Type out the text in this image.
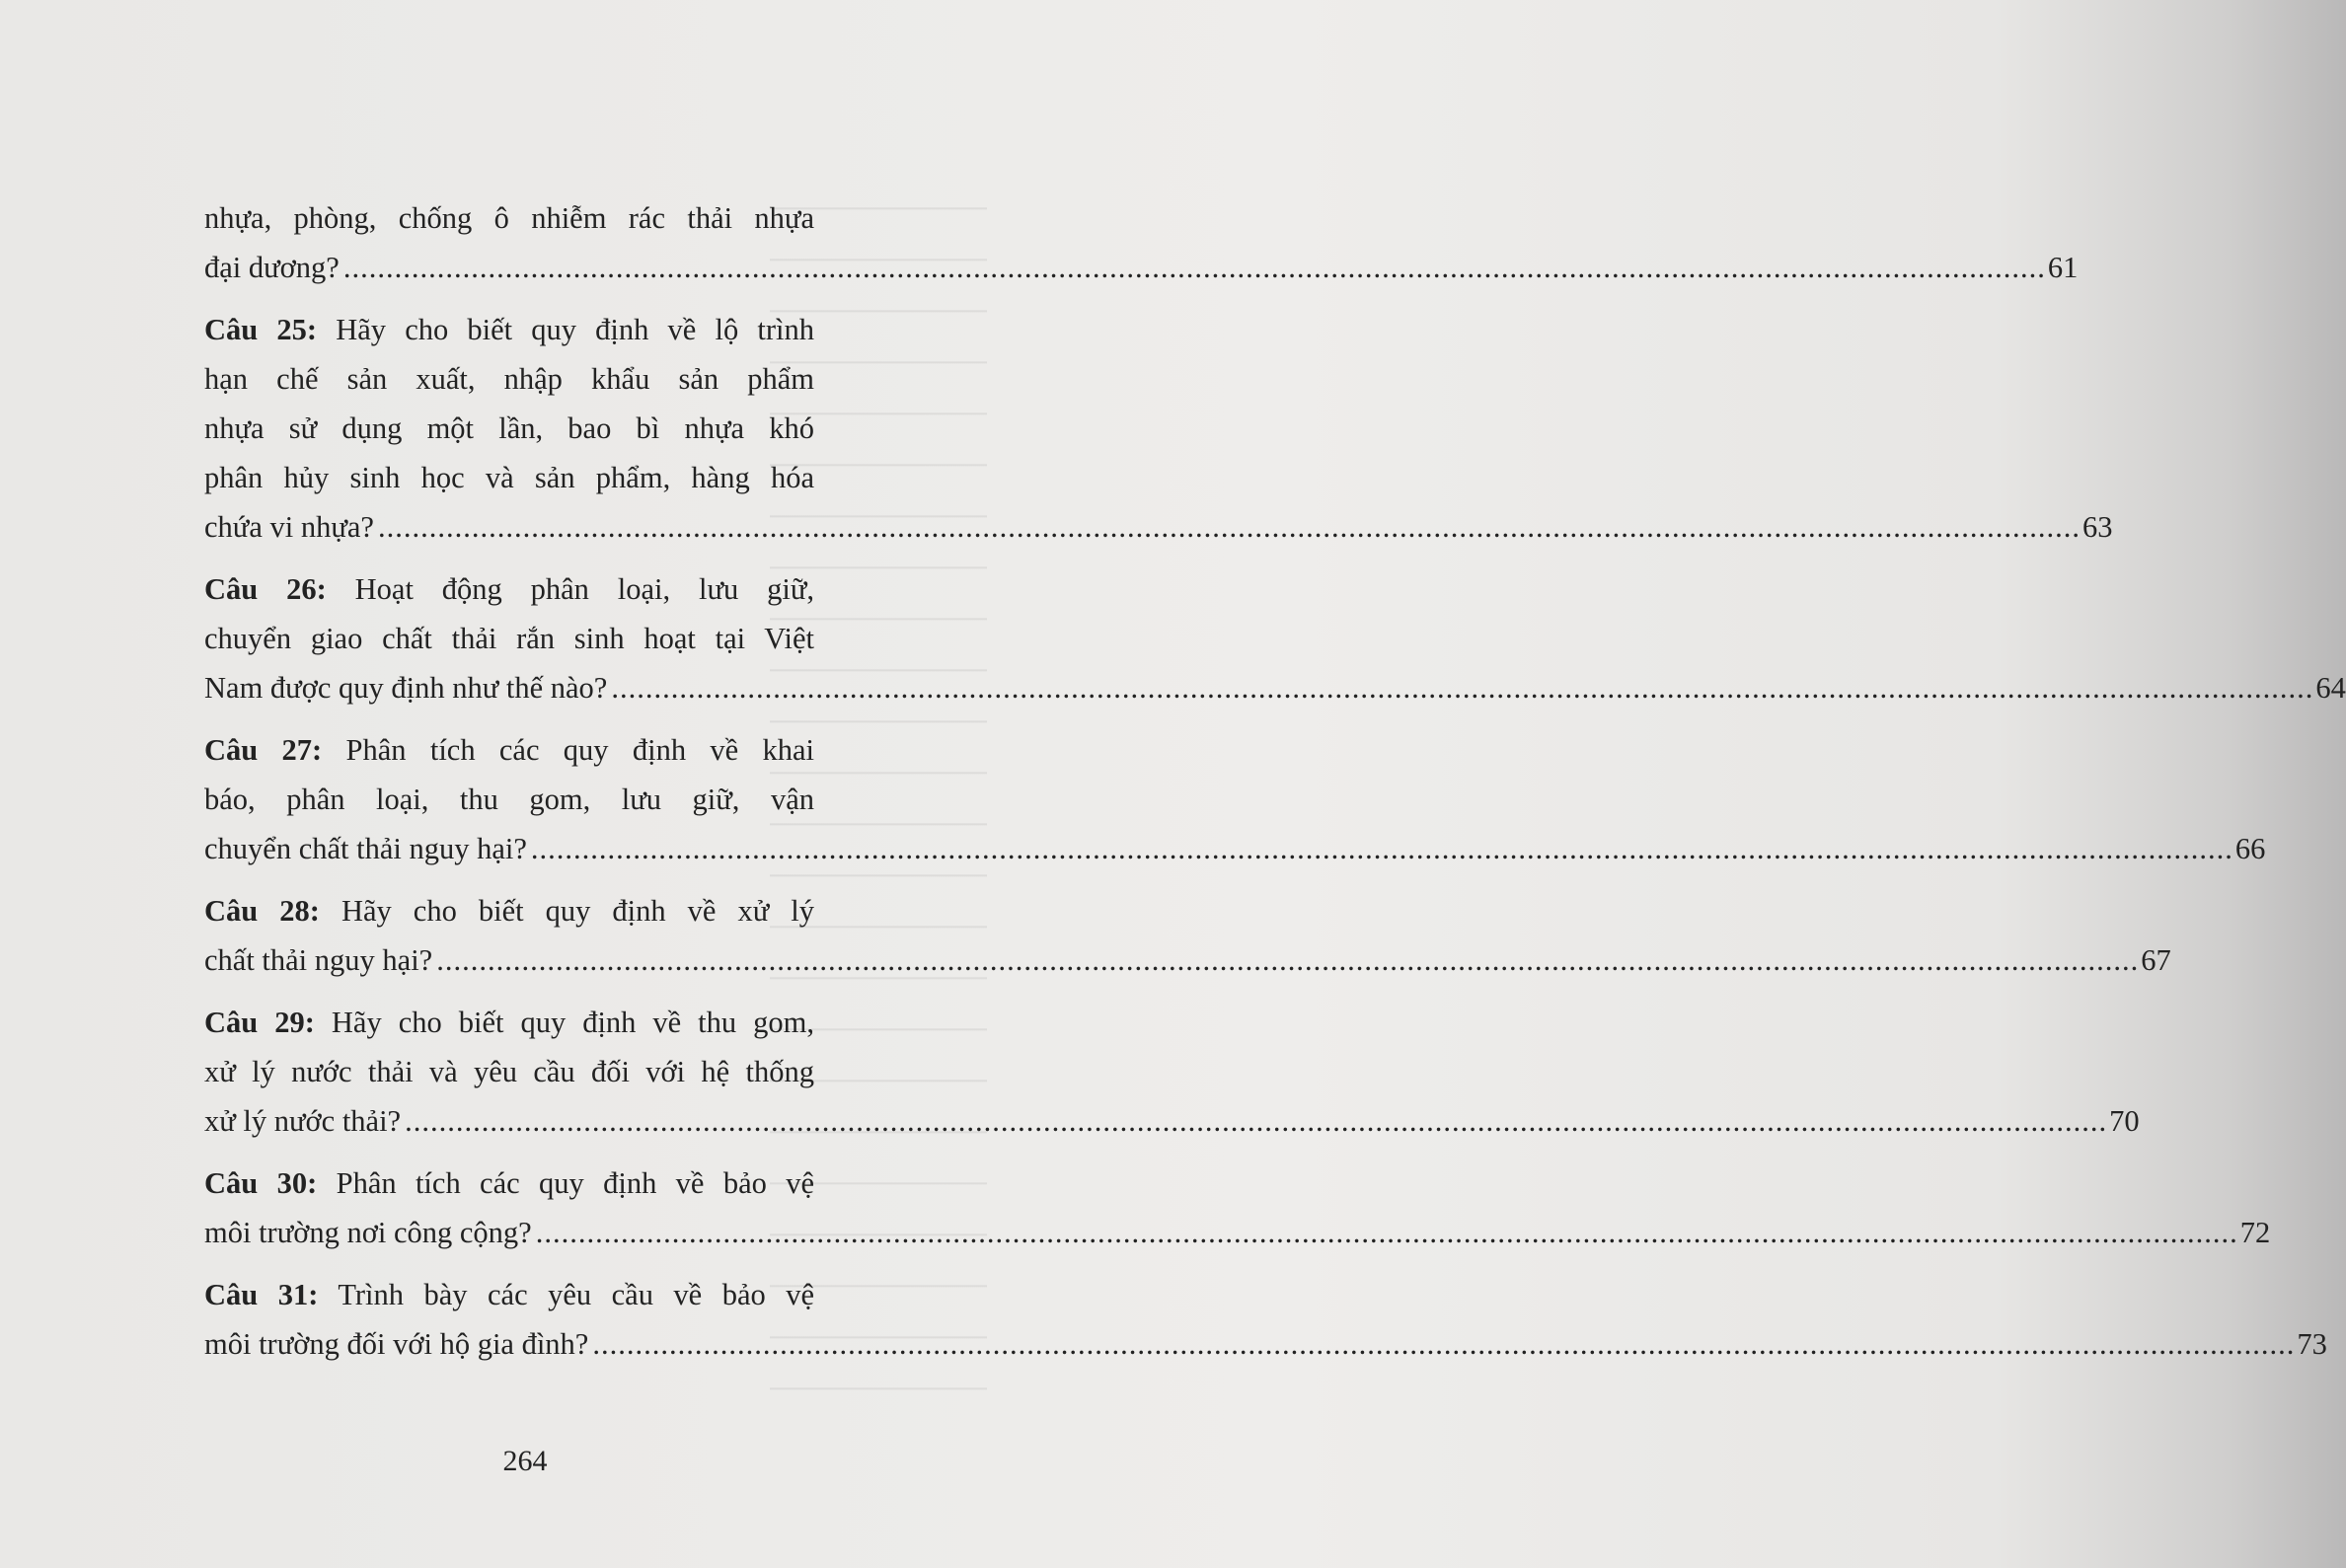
nhựa, phòng, chống ô nhiễm rác thải nhựa
đại dương? ........................................................................................................................................................................................................ 61
Câu 25: Hãy cho biết quy định về lộ trình
hạn chế sản xuất, nhập khẩu sản phẩm
nhựa sử dụng một lần, bao bì nhựa khó
phân hủy sinh học và sản phẩm, hàng hóa
chứa vi nhựa? ........................................................................................................................................................................................................ 63
Câu 26: Hoạt động phân loại, lưu giữ,
chuyển giao chất thải rắn sinh hoạt tại Việt
Nam được quy định như thế nào? ........................................................................................................................................................................................................ 64
Câu 27: Phân tích các quy định về khai
báo, phân loại, thu gom, lưu giữ, vận
chuyển chất thải nguy hại? ........................................................................................................................................................................................................ 66
Câu 28: Hãy cho biết quy định về xử lý
chất thải nguy hại? ........................................................................................................................................................................................................ 67
Câu 29: Hãy cho biết quy định về thu gom,
xử lý nước thải và yêu cầu đối với hệ thống
xử lý nước thải? ........................................................................................................................................................................................................ 70
Câu 30: Phân tích các quy định về bảo vệ
môi trường nơi công cộng? ........................................................................................................................................................................................................ 72
Câu 31: Trình bày các yêu cầu về bảo vệ
môi trường đối với hộ gia đình? ........................................................................................................................................................................................................ 73
264
